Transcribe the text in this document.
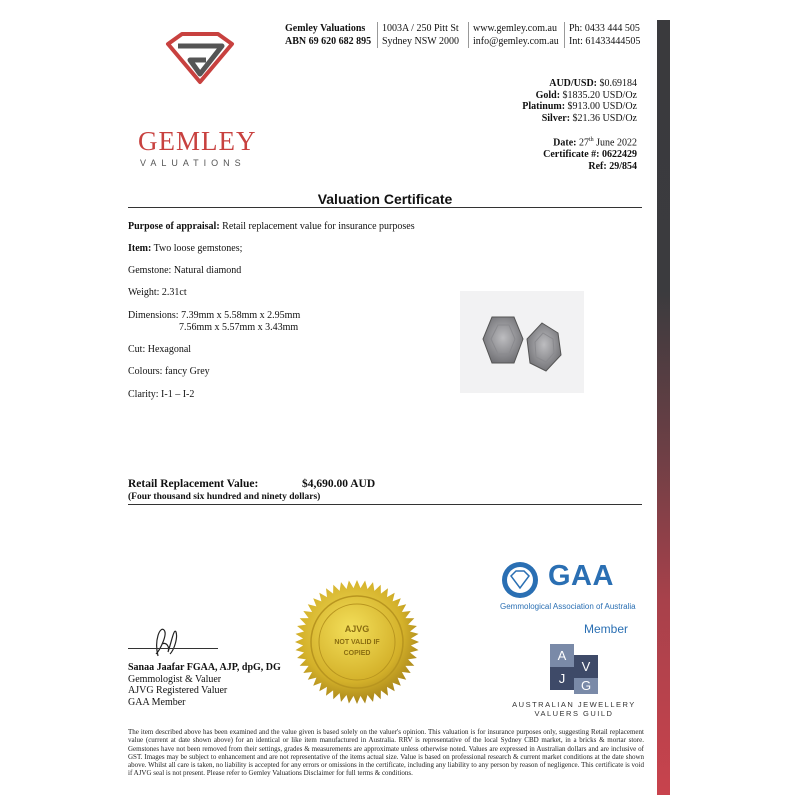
GEMLEY
VALUATIONS
Gemley Valuations
ABN 69 620 682 895
1003A / 250 Pitt St
Sydney NSW 2000
www.gemley.com.au
info@gemley.com.au
Ph: 0433 444 505
Int: 61433444505
AUD/USD: $0.69184
Gold: $1835.20 USD/Oz
Platinum: $913.00 USD/Oz
Silver: $21.36 USD/Oz
Date: 27th June 2022
Certificate #: 0622429
Ref: 29/854
Valuation Certificate
Purpose of appraisal: Retail replacement value for insurance purposes
Item: Two loose gemstones;
Gemstone: Natural diamond
Weight: 2.31ct
Dimensions: 7.39mm x 5.58mm x 2.95mm
7.56mm x 5.57mm x 3.43mm
Cut: Hexagonal
Colours: fancy Grey
Clarity: I-1 – I-2
Retail Replacement Value:	$4,690.00 AUD
(Four thousand six hundred and ninety dollars)
Sanaa Jaafar FGAA, AJP, dpG, DG
Gemmologist & Valuer
AJVG Registered Valuer
GAA Member
AJVG
NOT VALID IF
COPIED
GAA
Gemmological Association of Australia
Member
A
V
J	G
AUSTRALIAN JEWELLERY
VALUERS GUILD
The item described above has been examined and the value given is based solely on the valuer's opinion. This valuation is for insurance purposes only, suggesting Retail replacement value (current at date shown above) for an identical or like item manufactured in Australia. RRV is representative of the local Sydney CBD market, in a bricks & mortar store. Gemstones have not been removed from their settings, grades & measurements are approximate unless otherwise noted. Values are expressed in Australian dollars and are inclusive of GST. Images may be subject to enhancement and are not representative of the items actual size. Value is based on professional research & current market conditions at the date shown above. Whilst all care is taken, no liability is accepted for any errors or omissions in the certificate, including any liability to any person by reason of negligence. This certificate is void if AJVG seal is not present. Please refer to Gemley Valuations Disclaimer for full terms & conditions.
